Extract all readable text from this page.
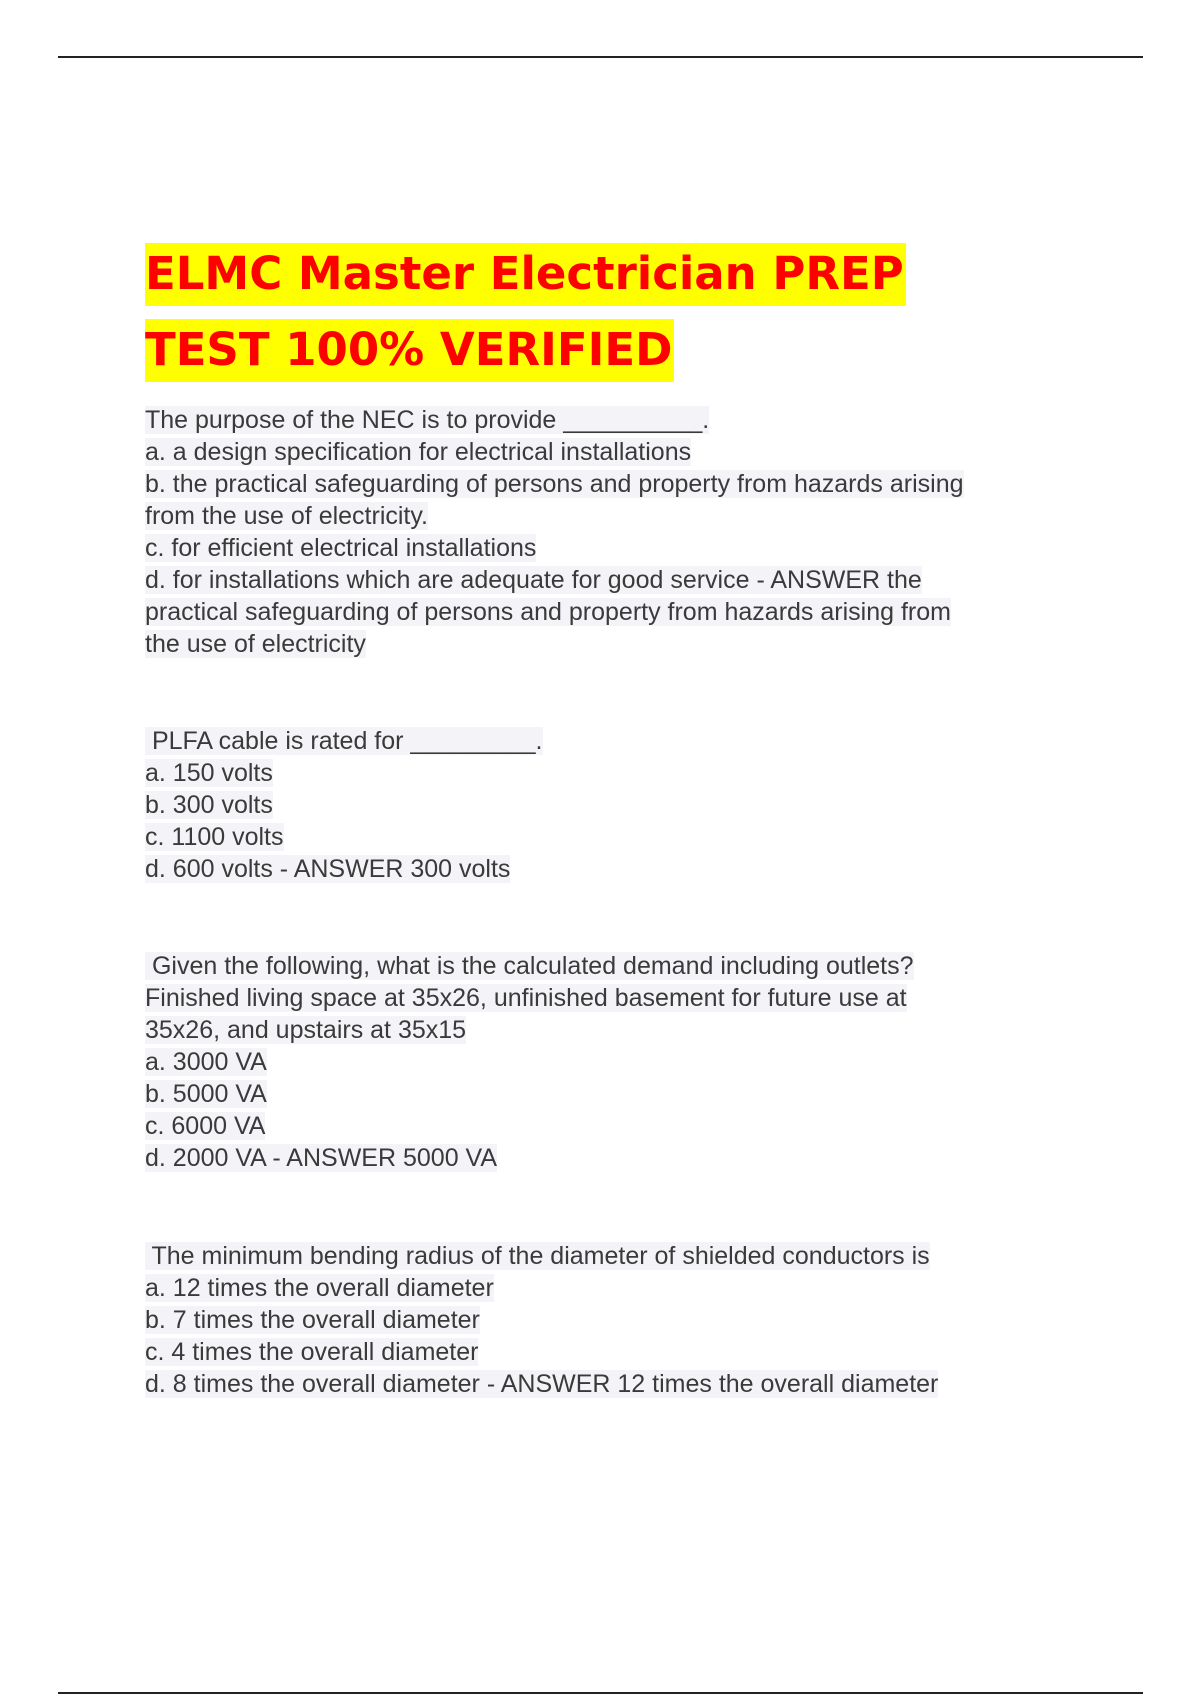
ELMC Master Electrician PREP
TEST 100% VERIFIED
The purpose of the NEC is to provide __________.
a. a design specification for electrical installations
b. the practical safeguarding of persons and property from hazards arising
from the use of electricity.
c. for efficient electrical installations
d. for installations which are adequate for good service - ANSWER the
practical safeguarding of persons and property from hazards arising from
the use of electricity
PLFA cable is rated for _________.
a. 150 volts
b. 300 volts
c. 1100 volts
d. 600 volts - ANSWER 300 volts
Given the following, what is the calculated demand including outlets?
Finished living space at 35x26, unfinished basement for future use at
35x26, and upstairs at 35x15
a. 3000 VA
b. 5000 VA
c. 6000 VA
d. 2000 VA - ANSWER 5000 VA
The minimum bending radius of the diameter of shielded conductors is
a. 12 times the overall diameter
b. 7 times the overall diameter
c. 4 times the overall diameter
d. 8 times the overall diameter - ANSWER 12 times the overall diameter
